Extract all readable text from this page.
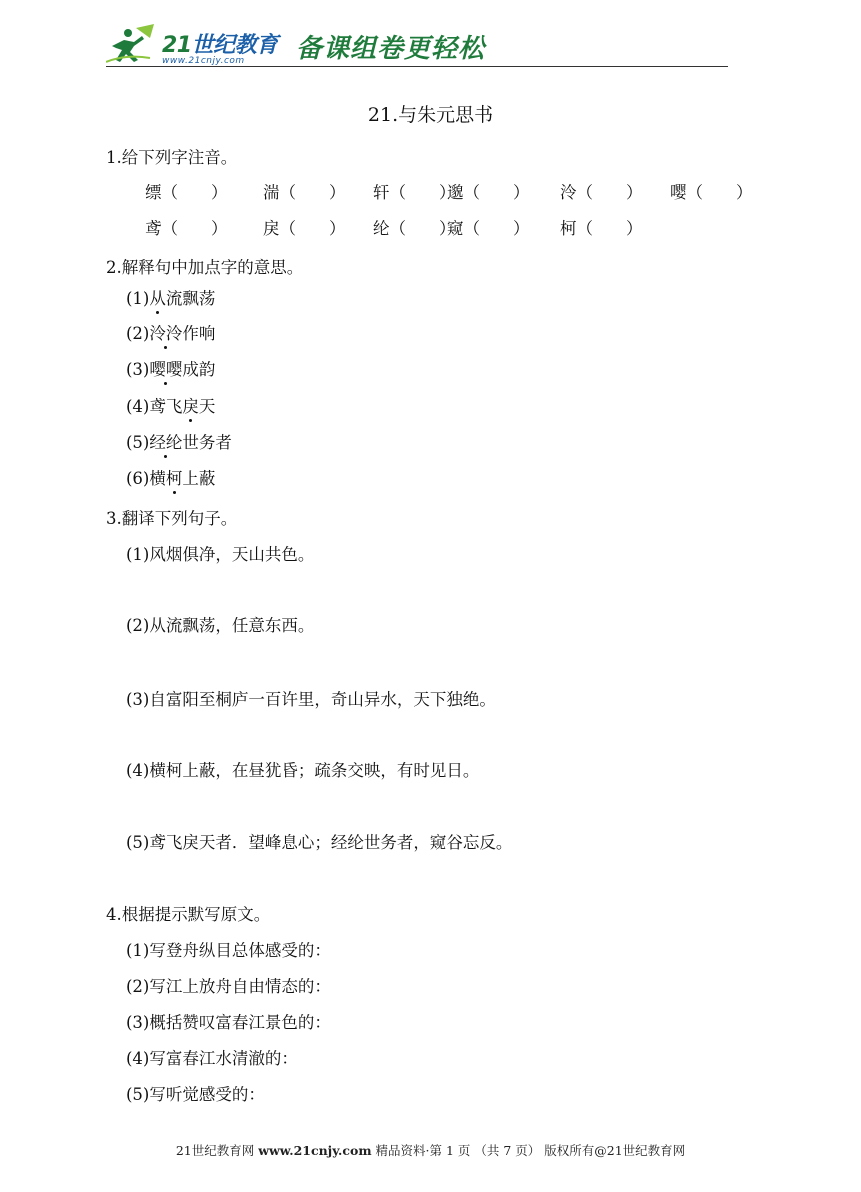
21世纪教育
www.21cnjy.com 备课组卷更轻松
21.与朱元思书
1.给下列字注音。
缥（　　） 湍（　　） 轩（　　）
邈（　　） 泠（　　） 嘤（　　）
鸢（　　） 戾（　　） 纶（　　）
窥（　　） 柯（　　）
2.解释句中加点字的意思。
(1)从流飘荡
(2)泠泠作响
(3)嘤嘤成韵
(4)鸢飞戾天
(5)经纶世务者
(6)横柯上蔽
3.翻译下列句子。
(1)风烟俱净，天山共色。
(2)从流飘荡，任意东西。
(3)自富阳至桐庐一百许里，奇山异水，天下独绝。
(4)横柯上蔽，在昼犹昏；疏条交映，有时见日。
(5)鸢飞戾天者．望峰息心；经纶世务者，窥谷忘反。
4.根据提示默写原文。
(1)写登舟纵目总体感受的：
(2)写江上放舟自由情态的：
(3)概括赞叹富春江景色的：
(4)写富春江水清澈的：
(5)写听觉感受的：
21世纪教育网 www.21cnjy.com 精品资料·第 1 页 （共 7 页） 版权所有@21世纪教育网
